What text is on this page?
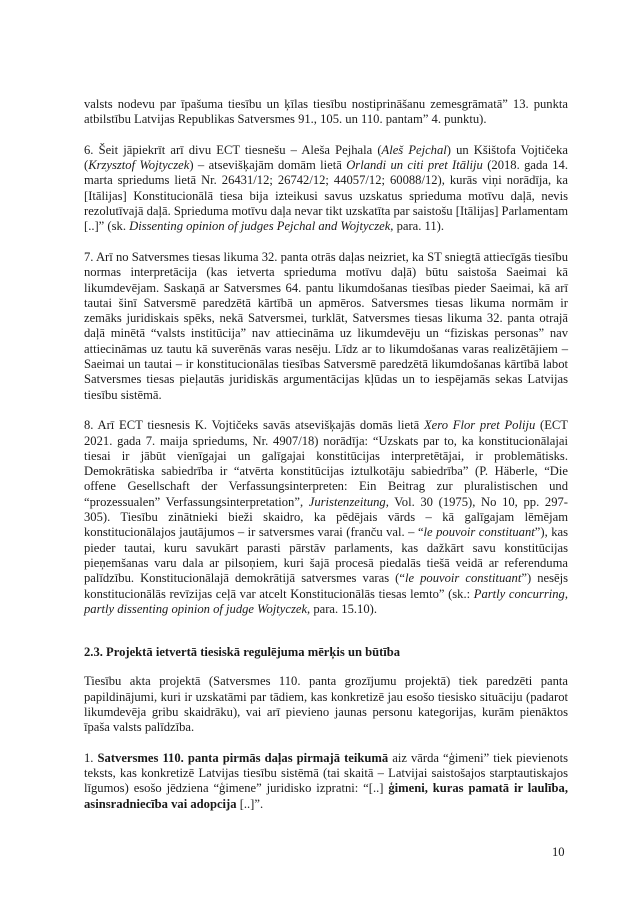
valsts nodevu par īpašuma tiesību un ķīlas tiesību nostiprināšanu zemesgrāmatā” 13. punkta atbilstību Latvijas Republikas Satversmes 91., 105. un 110. pantam” 4. punktu).

6. Šeit jāpiekrīt arī divu ECT tiesnešu – Aleša Pejhala (Aleš Pejchal) un Kšištofa Vojtičeka (Krzysztof Wojtyczek) – atsevišķajām domām lietā Orlandi un citi pret Itāliju (2018. gada 14. marta spriedums lietā Nr. 26431/12; 26742/12; 44057/12; 60088/12), kurās viņi norādīja, ka [Itālijas] Konstitucionālā tiesa bija izteikusi savus uzskatus sprieduma motīvu daļā, nevis rezolutīvajā daļā. Sprieduma motīvu daļa nevar tikt uzskatīta par saistošu [Itālijas] Parlamentam [..]” (sk. Dissenting opinion of judges Pejchal and Wojtyczek, para. 11).

7. Arī no Satversmes tiesas likuma 32. panta otrās daļas neizriet, ka ST sniegtā attiecīgās tiesību normas interpretācija (kas ietverta sprieduma motīvu daļā) būtu saistoša Saeimai kā likumdevējam. Saskaņā ar Satversmes 64. pantu likumdošanas tiesības pieder Saeimai, kā arī tautai šinī Satversmē paredzētā kārtībā un apmēros. Satversmes tiesas likuma normām ir zemāks juridiskais spēks, nekā Satversmei, turklāt, Satversmes tiesas likuma 32. panta otrajā daļā minētā “valsts institūcija” nav attiecināma uz likumdevēju un “fiziskas personas” nav attiecināmas uz tautu kā suverēnās varas nesēju. Līdz ar to likumdošanas varas realizētājiem – Saeimai un tautai – ir konstitucionālas tiesības Satversmē paredzētā likumdošanas kārtībā labot Satversmes tiesas pieļautās juridiskās argumentācijas kļūdas un to iespējamās sekas Latvijas tiesību sistēmā.

8. Arī ECT tiesnesis K. Vojtičeks savās atsevišķajās domās lietā Xero Flor pret Poliju (ECT 2021. gada 7. maija spriedums, Nr. 4907/18) norādīja: “Uzskats par to, ka konstitucionālajai tiesai ir jābūt vienīgajai un galīgajai konstitūcijas interpretētājai, ir problemātisks. Demokrātiska sabiedrība ir “atvērta konstitūcijas iztulkotāju sabiedrība” (P. Häberle, “Die offene Gesellschaft der Verfassungsinterpreten: Ein Beitrag zur pluralistischen und “prozessualen” Verfassungsinterpretation”, Juristenzeitung, Vol. 30 (1975), No 10, pp. 297-305). Tiesību zinātnieki bieži skaidro, ka pēdējais vārds – kā galīgajam lēmējam konstitucionālajos jautājumos – ir satversmes varai (franču val. – “le pouvoir constituant”), kas pieder tautai, kuru savukārt parasti pārstāv parlaments, kas dažkārt savu konstitūcijas pieņemšanas varu dala ar pilsoņiem, kuri šajā procesā piedalās tiešā veidā ar referenduma palīdzību. Konstitucionālajā demokrātijā satversmes varas (“le pouvoir constituant”) nesējs konstitucionālās revīzijas ceļā var atcelt Konstitucionālās tiesas lemto” (sk.: Partly concurring, partly dissenting opinion of judge Wojtyczek, para. 15.10).

2.3. Projektā ietvertā tiesiskā regulējuma mērķis un būtība

Tiesību akta projektā (Satversmes 110. panta grozījumu projektā) tiek paredzēti panta papildinājumi, kuri ir uzskatāmi par tādiem, kas konkretizē jau esošo tiesisko situāciju (padarot likumdevēja gribu skaidrāku), vai arī pievieno jaunas personu kategorijas, kurām pienāktos īpaša valsts palīdzība.

1. Satversmes 110. panta pirmās daļas pirmajā teikumā aiz vārda “ģimeni” tiek pievienots teksts, kas konkretizē Latvijas tiesību sistēmā (tai skaitā – Latvijai saistošajos starptautiskajos līgumos) esošo jēdziena “ģimene” juridisko izpratni: “[..] ģimeni, kuras pamatā ir laulība, asinsradniecība vai adopcija [..]”.

10
